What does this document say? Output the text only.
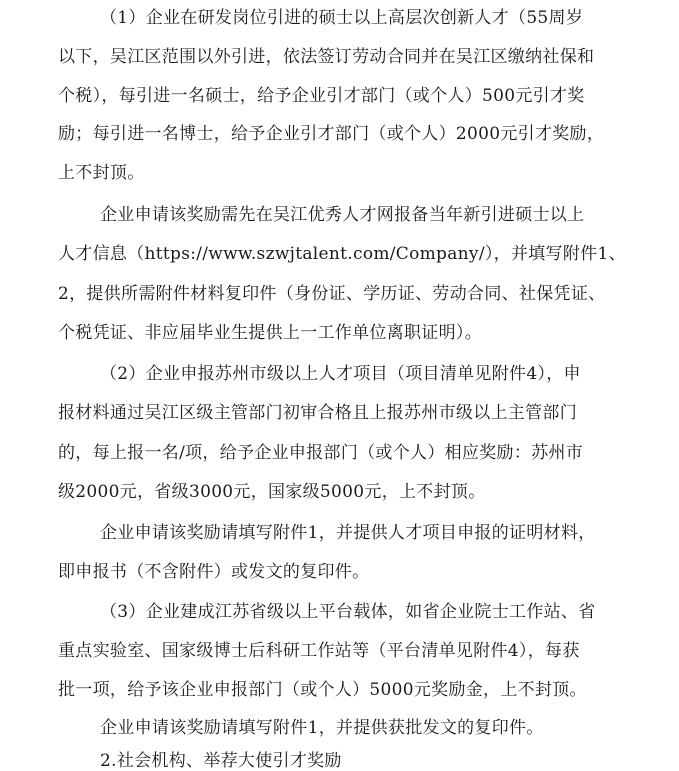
（1）企业在研发岗位引进的硕士以上高层次创新人才（55周岁
以下，吴江区范围以外引进，依法签订劳动合同并在吴江区缴纳社保和
个税），每引进一名硕士，给予企业引才部门（或个人）500元引才奖
励；每引进一名博士，给予企业引才部门（或个人）2000元引才奖励，
上不封顶。
企业申请该奖励需先在吴江优秀人才网报备当年新引进硕士以上
人才信息（https://www.szwjtalent.com/Company/），并填写附件1、
2，提供所需附件材料复印件（身份证、学历证、劳动合同、社保凭证、
个税凭证、非应届毕业生提供上一工作单位离职证明）。
（2）企业申报苏州市级以上人才项目（项目清单见附件4），申
报材料通过吴江区级主管部门初审合格且上报苏州市级以上主管部门
的，每上报一名/项，给予企业申报部门（或个人）相应奖励：苏州市
级2000元，省级3000元，国家级5000元，上不封顶。
企业申请该奖励请填写附件1，并提供人才项目申报的证明材料，
即申报书（不含附件）或发文的复印件。
（3）企业建成江苏省级以上平台载体，如省企业院士工作站、省
重点实验室、国家级博士后科研工作站等（平台清单见附件4），每获
批一项，给予该企业申报部门（或个人）5000元奖励金，上不封顶。
企业申请该奖励请填写附件1，并提供获批发文的复印件。
2.社会机构、举荐大使引才奖励
